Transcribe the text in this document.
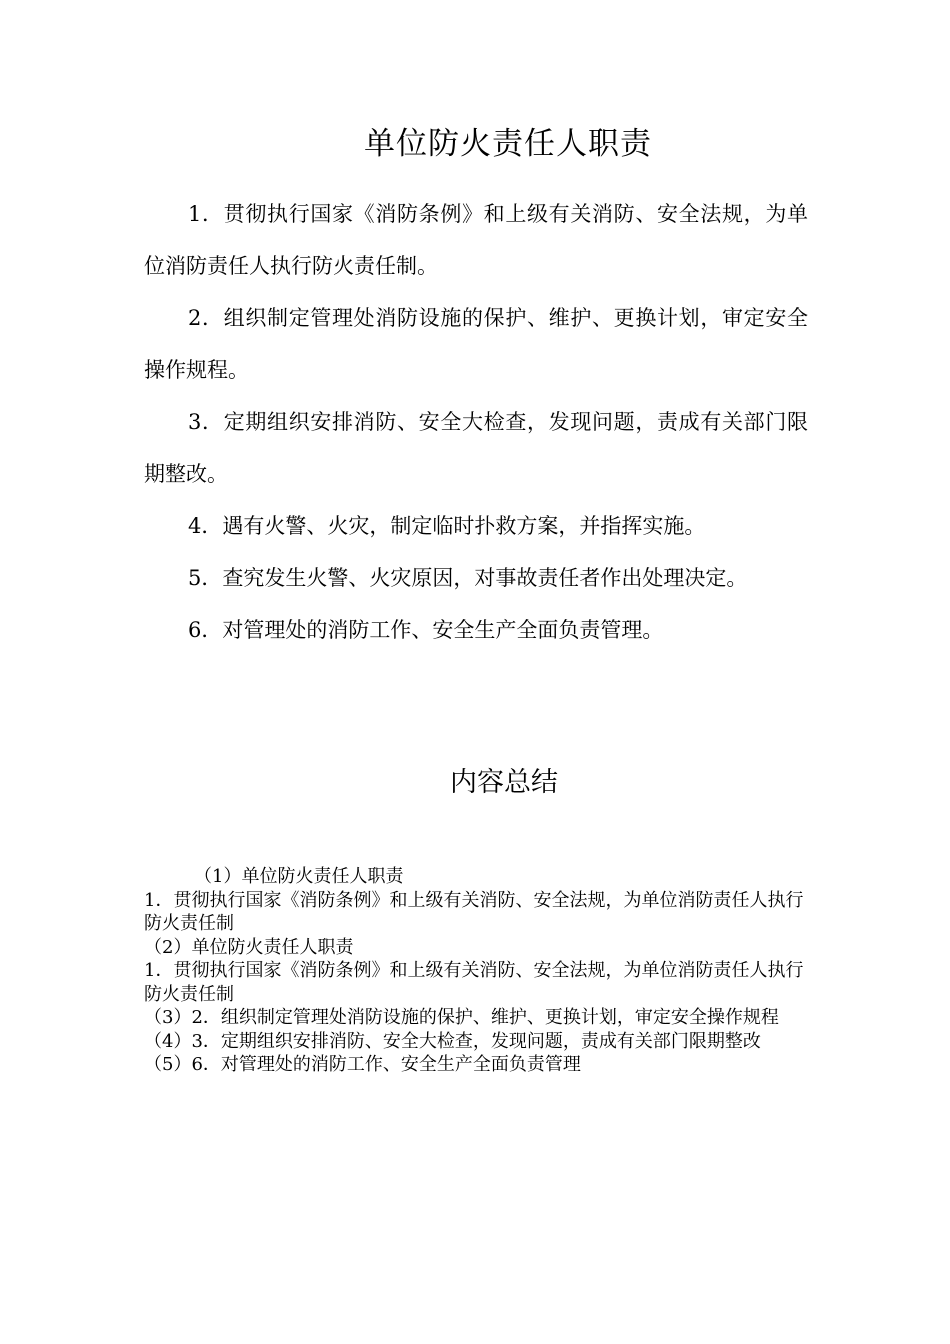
单位防火责任人职责

1．贯彻执行国家《消防条例》和上级有关消防、安全法规，为单位消防责任人执行防火责任制。

2．组织制定管理处消防设施的保护、维护、更换计划，审定安全操作规程。

3．定期组织安排消防、安全大检查，发现问题，责成有关部门限期整改。

4．遇有火警、火灾，制定临时扑救方案，并指挥实施。

5．查究发生火警、火灾原因，对事故责任者作出处理决定。

6．对管理处的消防工作、安全生产全面负责管理。

内容总结

（1）单位防火责任人职责

1．贯彻执行国家《消防条例》和上级有关消防、安全法规，为单位消防责任人执行防火责任制

（2）单位防火责任人职责

1．贯彻执行国家《消防条例》和上级有关消防、安全法规，为单位消防责任人执行防火责任制

（3）2．组织制定管理处消防设施的保护、维护、更换计划，审定安全操作规程

（4）3．定期组织安排消防、安全大检查，发现问题，责成有关部门限期整改

（5）6．对管理处的消防工作、安全生产全面负责管理
